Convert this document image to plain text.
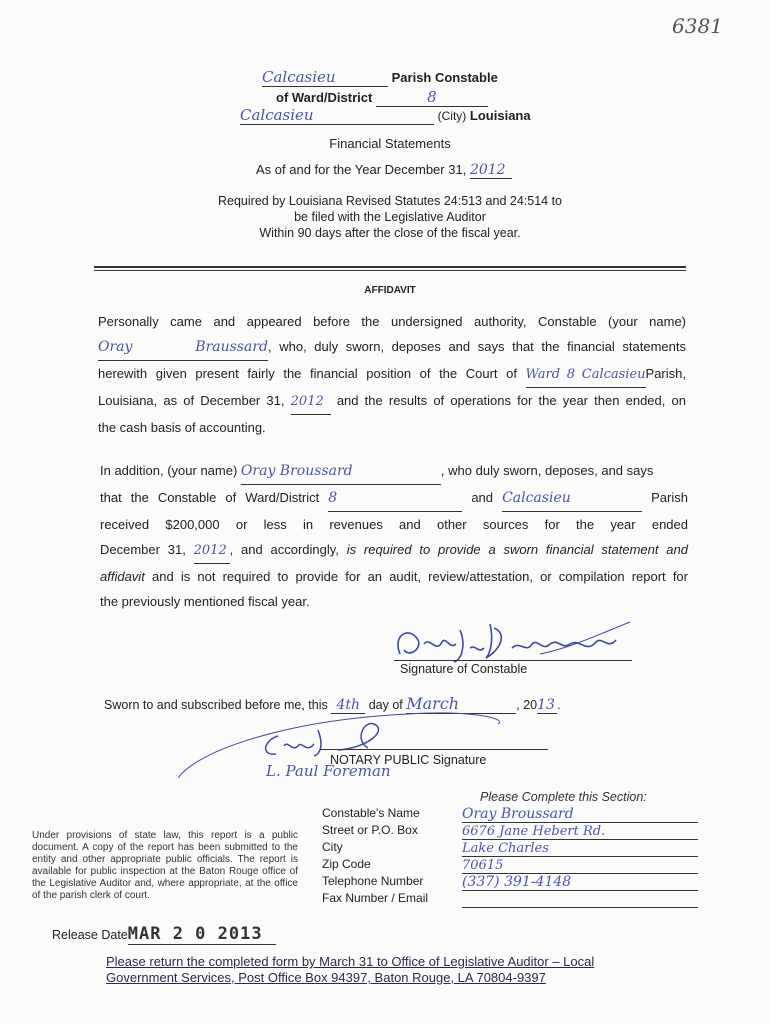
6381
Calcasieu	Parish Constable
of Ward/District	8
Calcasieu	(City) Louisiana
Financial Statements
As of and for the Year December 31, 2012
Required by Louisiana Revised Statutes 24:513 and 24:514 to
be filed with the Legislative Auditor
Within 90 days after the close of the fiscal year.
AFFIDAVIT
Personally came and appeared before the undersigned authority, Constable (your name)
Oray Braussard, who, duly sworn, deposes and says that the financial statements
herewith given present fairly the financial position of the Court of Ward 8 CalcasieuParish,
Louisiana, as of December 31, 2012 and the results of operations for the year then ended, on
the cash basis of accounting.
In addition, (your name) Oray Broussard	, who duly sworn, deposes, and says
that the Constable of Ward/District 8	and Calcasieu	Parish
received $200,000 or less in revenues and other sources for the year ended
December 31, 2012 , and accordingly, is required to provide a sworn financial statement and
affidavit and is not required to provide for an audit, review/attestation, or compilation report for
the previously mentioned fiscal year.
Signature of Constable
Sworn to and subscribed before me, this 4th day of March	, 2013 .
NOTARY PUBLIC Signature
L. Paul Foreman
Please Complete this Section:
Constable's Name	Oray Broussard
Street or P.O. Box	6676 Jane Hebert Rd.
City	Lake Charles
Zip Code	70615
Telephone Number	(337) 391-4148
Fax Number / Email
Under provisions of state law, this report is a public document. A copy of the report has been submitted to the entity and other appropriate public officials. The report is available for public inspection at the Baton Rouge office of the Legislative Auditor and, where appropriate, at the office of the parish clerk of court.
Release DateMAR 2 0 2013
Please return the completed form by March 31 to Office of Legislative Auditor – Local
Government Services, Post Office Box 94397, Baton Rouge, LA 70804-9397
